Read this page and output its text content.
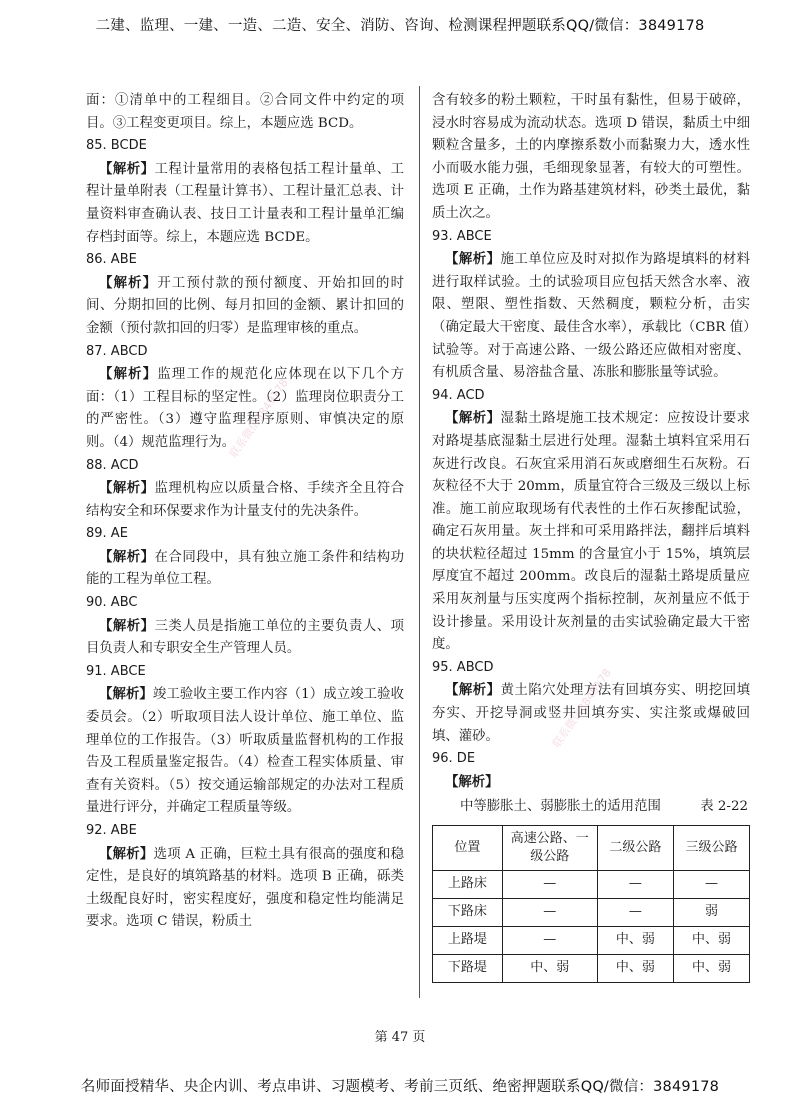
二建、监理、一建、一造、二造、安全、消防、咨询、检测课程押题联系QQ/微信：3849178

面：①清单中的工程细目。②合同文件中约定的项目。③工程变更项目。综上，本题应选 BCD。

85. BCDE

【解析】工程计量常用的表格包括工程计量单、工程计量单附表（工程量计算书）、工程计量汇总表、计量资料审查确认表、技日工计量表和工程计量单汇编存档封面等。综上，本题应选 BCDE。

86. ABE

【解析】开工预付款的预付额度、开始扣回的时间、分期扣回的比例、每月扣回的金额、累计扣回的金额（预付款扣回的归零）是监理审核的重点。

87. ABCD

【解析】监理工作的规范化应体现在以下几个方面：（1）工程目标的坚定性。（2）监理岗位职责分工的严密性。（3）遵守监理程序原则、审慎决定的原则。（4）规范监理行为。

88. ACD

【解析】监理机构应以质量合格、手续齐全且符合结构安全和环保要求作为计量支付的先决条件。

89. AE

【解析】在合同段中，具有独立施工条件和结构功能的工程为单位工程。

90. ABC

【解析】三类人员是指施工单位的主要负责人、项目负责人和专职安全生产管理人员。

91. ABCE

【解析】竣工验收主要工作内容（1）成立竣工验收委员会。（2）听取项目法人设计单位、施工单位、监理单位的工作报告。（3）听取质量监督机构的工作报告及工程质量鉴定报告。（4）检查工程实体质量、审查有关资料。（5）按交通运输部规定的办法对工程质量进行评分，并确定工程质量等级。

92. ABE

【解析】选项 A 正确，巨粒土具有很高的强度和稳定性，是良好的填筑路基的材料。选项 B 正确，砾类土级配良好时，密实程度好，强度和稳定性均能满足要求。选项 C 错误，粉质土

含有较多的粉土颗粒，干时虽有黏性，但易于破碎，浸水时容易成为流动状态。选项 D 错误，黏质土中细颗粒含量多，土的内摩擦系数小而黏聚力大，透水性小而吸水能力强，毛细现象显著，有较大的可塑性。选项 E 正确，土作为路基建筑材料，砂类土最优，黏质土次之。

93. ABCE

【解析】施工单位应及时对拟作为路堤填料的材料进行取样试验。土的试验项目应包括天然含水率、液限、塑限、塑性指数、天然稠度，颗粒分析，击实（确定最大干密度、最佳含水率），承载比（CBR 值）试验等。对于高速公路、一级公路还应做相对密度、有机质含量、易溶盐含量、冻胀和膨胀量等试验。

94. ACD

【解析】湿黏土路堤施工技术规定：应按设计要求对路堤基底湿黏土层进行处理。湿黏土填料宜采用石灰进行改良。石灰宜采用消石灰或磨细生石灰粉。石灰粒径不大于 20mm，质量宜符合三级及三级以上标准。施工前应取现场有代表性的土作石灰掺配试验，确定石灰用量。灰土拌和可采用路拌法，翻拌后填料的块状粒径超过 15mm 的含量宜小于 15%，填筑层厚度宜不超过 200mm。改良后的湿黏土路堤质量应采用灰剂量与压实度两个指标控制，灰剂量应不低于设计掺量。采用设计灰剂量的击实试验确定最大干密度。

95. ABCD

【解析】黄土陷穴处理方法有回填夯实、明挖回填夯实、开挖导洞或竖井回填夯实、实注浆或爆破回填、灌砂。

96. DE

【解析】

中等膨胀土、弱膨胀土的适用范围	表 2-22
位置	高速公路、一级公路	二级公路	三级公路
上路床	—	—	—
下路床	—	—	弱
上路堤	—	中、弱	中、弱
下路堤	中、弱	中、弱	中、弱
第 47 页
名师面授精华、央企内训、考点串讲、习题模考、考前三页纸、绝密押题联系QQ/微信：3849178
联系微信3849178
联系微信3849178
